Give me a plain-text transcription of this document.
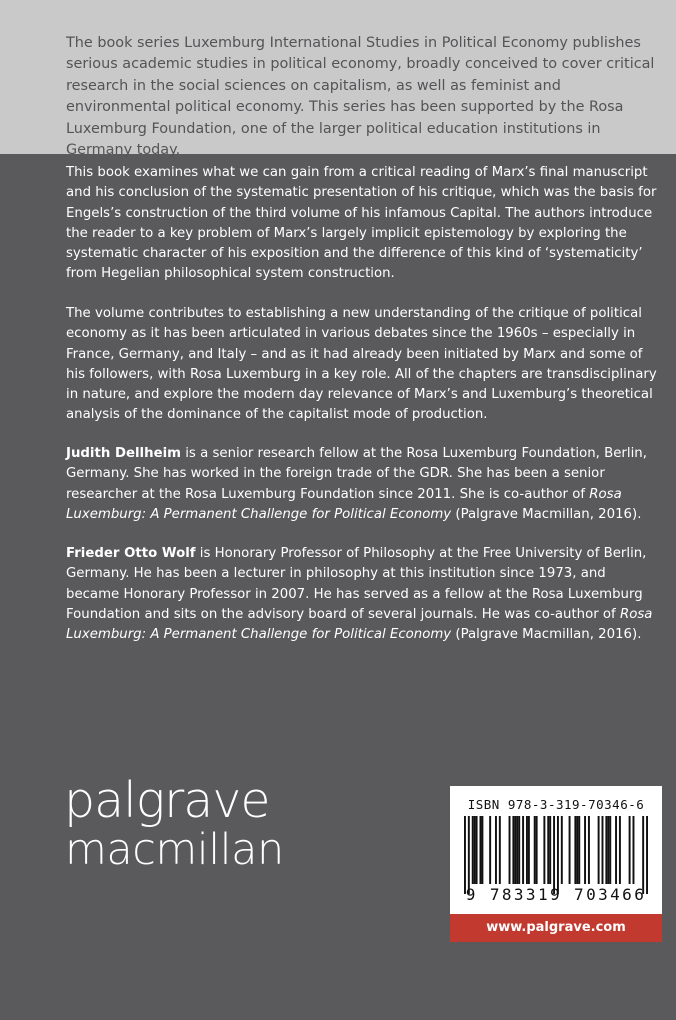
The book series Luxemburg International Studies in Political Economy publishes serious academic studies in political economy, broadly conceived to cover critical research in the social sciences on capitalism, as well as feminist and environmental political economy. This series has been supported by the Rosa Luxemburg Foundation, one of the larger political education institutions in Germany today.

This book examines what we can gain from a critical reading of Marx’s final manuscript and his conclusion of the systematic presentation of his critique, which was the basis for Engels’s construction of the third volume of his infamous Capital. The authors introduce the reader to a key problem of Marx’s largely implicit epistemology by exploring the systematic character of his exposition and the difference of this kind of ‘systematicity’ from Hegelian philosophical system construction.

The volume contributes to establishing a new understanding of the critique of political economy as it has been articulated in various debates since the 1960s – especially in France, Germany, and Italy – and as it had already been initiated by Marx and some of his followers, with Rosa Luxemburg in a key role. All of the chapters are transdisciplinary in nature, and explore the modern day relevance of Marx’s and Luxemburg’s theoretical analysis of the dominance of the capitalist mode of production.

Judith Dellheim is a senior research fellow at the Rosa Luxemburg Foundation, Berlin, Germany. She has worked in the foreign trade of the GDR. She has been a senior researcher at the Rosa Luxemburg Foundation since 2011. She is co-author of Rosa Luxemburg: A Permanent Challenge for Political Economy (Palgrave Macmillan, 2016).

Frieder Otto Wolf is Honorary Professor of Philosophy at the Free University of Berlin, Germany. He has been a lecturer in philosophy at this institution since 1973, and became Honorary Professor in 2007. He has served as a fellow at the Rosa Luxemburg Foundation and sits on the advisory board of several journals. He was co-author of Rosa Luxemburg: A Permanent Challenge for Political Economy (Palgrave Macmillan, 2016).

palgrave
macmillan
ISBN 978-3-319-70346-6
9 783319 703466
www.palgrave.com
